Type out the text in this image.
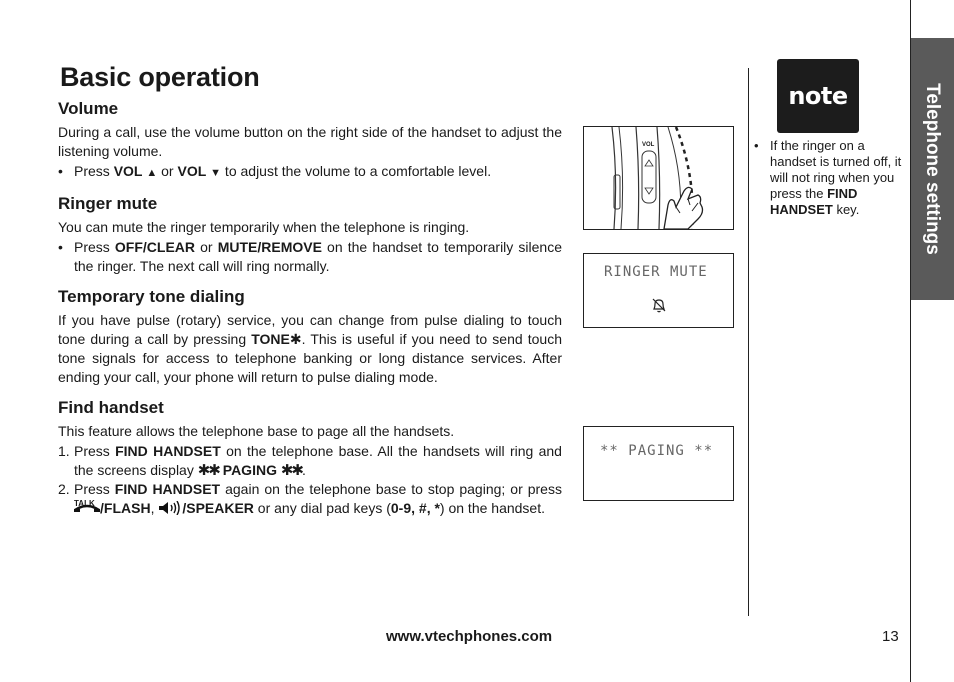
Basic operation
Volume

During a call, use the volume button on the right side of the handset to adjust the listening volume.

• Press VOL ▲ or VOL ▼ to adjust the volume to a comfortable level.
Ringer mute

You can mute the ringer temporarily when the telephone is ringing.

• Press OFF/CLEAR or MUTE/REMOVE on the handset to temporarily silence the ringer. The next call will ring normally.
Temporary tone dialing

If you have pulse (rotary) service, you can change from pulse dialing to touch tone during a call by pressing TONE✱. This is useful if you need to send touch tone signals for access to telephone banking or long distance services. After ending your call, your phone will return to pulse dialing mode.

Find handset

This feature allows the telephone base to page all the handsets.

1. Press FIND HANDSET on the telephone base. All the handsets will ring and the screens display ✱✱ PAGING ✱✱.
2. Press FIND HANDSET again on the telephone base to stop paging; or press
TALK /FLASH, /SPEAKER or any dial pad keys (0-9, #, *) on the handset.
VOL
RINGER MUTE
** PAGING **
note
• If the ringer on a handset is turned off, it will not ring when you press the FIND HANDSET key.	Telephone settings
www.vtechphones.com	13
